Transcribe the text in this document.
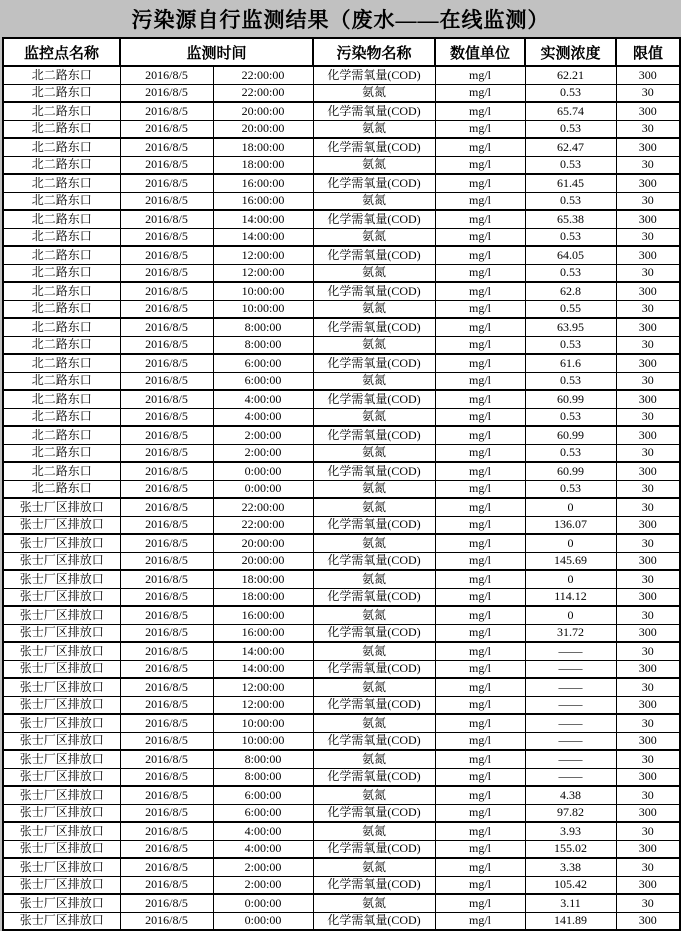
污染源自行监测结果（废水——在线监测）
监控点名称	监测时间		污染物名称	数值单位	实测浓度	限值
北二路东口	2016/8/5	22:00:00	化学需氧量(COD)	mg/l	62.21	300
北二路东口	2016/8/5	22:00:00	氨氮	mg/l	0.53	30
北二路东口	2016/8/5	20:00:00	化学需氧量(COD)	mg/l	65.74	300
北二路东口	2016/8/5	20:00:00	氨氮	mg/l	0.53	30
北二路东口	2016/8/5	18:00:00	化学需氧量(COD)	mg/l	62.47	300
北二路东口	2016/8/5	18:00:00	氨氮	mg/l	0.53	30
北二路东口	2016/8/5	16:00:00	化学需氧量(COD)	mg/l	61.45	300
北二路东口	2016/8/5	16:00:00	氨氮	mg/l	0.53	30
北二路东口	2016/8/5	14:00:00	化学需氧量(COD)	mg/l	65.38	300
北二路东口	2016/8/5	14:00:00	氨氮	mg/l	0.53	30
北二路东口	2016/8/5	12:00:00	化学需氧量(COD)	mg/l	64.05	300
北二路东口	2016/8/5	12:00:00	氨氮	mg/l	0.53	30
北二路东口	2016/8/5	10:00:00	化学需氧量(COD)	mg/l	62.8	300
北二路东口	2016/8/5	10:00:00	氨氮	mg/l	0.55	30
北二路东口	2016/8/5	8:00:00	化学需氧量(COD)	mg/l	63.95	300
北二路东口	2016/8/5	8:00:00	氨氮	mg/l	0.53	30
北二路东口	2016/8/5	6:00:00	化学需氧量(COD)	mg/l	61.6	300
北二路东口	2016/8/5	6:00:00	氨氮	mg/l	0.53	30
北二路东口	2016/8/5	4:00:00	化学需氧量(COD)	mg/l	60.99	300
北二路东口	2016/8/5	4:00:00	氨氮	mg/l	0.53	30
北二路东口	2016/8/5	2:00:00	化学需氧量(COD)	mg/l	60.99	300
北二路东口	2016/8/5	2:00:00	氨氮	mg/l	0.53	30
北二路东口	2016/8/5	0:00:00	化学需氧量(COD)	mg/l	60.99	300
北二路东口	2016/8/5	0:00:00	氨氮	mg/l	0.53	30
张士厂区排放口	2016/8/5	22:00:00	氨氮	mg/l	0	30
张士厂区排放口	2016/8/5	22:00:00	化学需氧量(COD)	mg/l	136.07	300
张士厂区排放口	2016/8/5	20:00:00	氨氮	mg/l	0	30
张士厂区排放口	2016/8/5	20:00:00	化学需氧量(COD)	mg/l	145.69	300
张士厂区排放口	2016/8/5	18:00:00	氨氮	mg/l	0	30
张士厂区排放口	2016/8/5	18:00:00	化学需氧量(COD)	mg/l	114.12	300
张士厂区排放口	2016/8/5	16:00:00	氨氮	mg/l	0	30
张士厂区排放口	2016/8/5	16:00:00	化学需氧量(COD)	mg/l	31.72	300
张士厂区排放口	2016/8/5	14:00:00	氨氮	mg/l	——	30
张士厂区排放口	2016/8/5	14:00:00	化学需氧量(COD)	mg/l	——	300
张士厂区排放口	2016/8/5	12:00:00	氨氮	mg/l	——	30
张士厂区排放口	2016/8/5	12:00:00	化学需氧量(COD)	mg/l	——	300
张士厂区排放口	2016/8/5	10:00:00	氨氮	mg/l	——	30
张士厂区排放口	2016/8/5	10:00:00	化学需氧量(COD)	mg/l	——	300
张士厂区排放口	2016/8/5	8:00:00	氨氮	mg/l	——	30
张士厂区排放口	2016/8/5	8:00:00	化学需氧量(COD)	mg/l	——	300
张士厂区排放口	2016/8/5	6:00:00	氨氮	mg/l	4.38	30
张士厂区排放口	2016/8/5	6:00:00	化学需氧量(COD)	mg/l	97.82	300
张士厂区排放口	2016/8/5	4:00:00	氨氮	mg/l	3.93	30
张士厂区排放口	2016/8/5	4:00:00	化学需氧量(COD)	mg/l	155.02	300
张士厂区排放口	2016/8/5	2:00:00	氨氮	mg/l	3.38	30
张士厂区排放口	2016/8/5	2:00:00	化学需氧量(COD)	mg/l	105.42	300
张士厂区排放口	2016/8/5	0:00:00	氨氮	mg/l	3.11	30
张士厂区排放口	2016/8/5	0:00:00	化学需氧量(COD)	mg/l	141.89	300
